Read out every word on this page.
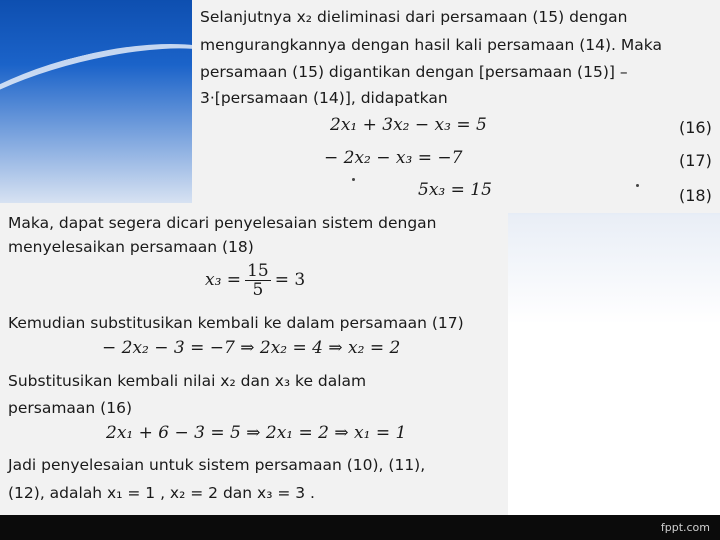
Selanjutnya x₂ dieliminasi dari persamaan (15) dengan
mengurangkannya dengan hasil kali persamaan (14). Maka
persamaan (15) digantikan dengan [persamaan (15)] –
3·[persamaan (14)], didapatkan
2x₁ + 3x₂ − x₃ = 5	(16)
− 2x₂ − x₃ = −7	(17)
5x₃ = 15	(18)
Maka, dapat segera dicari penyelesaian sistem dengan
menyelesaikan persamaan (18)
$x_3 = \frac{15}{5} = 3$
Kemudian substitusikan kembali ke dalam persamaan (17)
− 2x₂ − 3 = −7 ⇒ 2x₂ = 4 ⇒ x₂ = 2
Substitusikan kembali nilai x₂ dan x₃ ke dalam
persamaan (16)
2x₁ + 6 − 3 = 5 ⇒ 2x₁ = 2 ⇒ x₁ = 1
Jadi penyelesaian untuk sistem persamaan (10), (11),
(12), adalah x₁ = 1 , x₂ = 2 dan x₃ = 3 .
fppt.com
